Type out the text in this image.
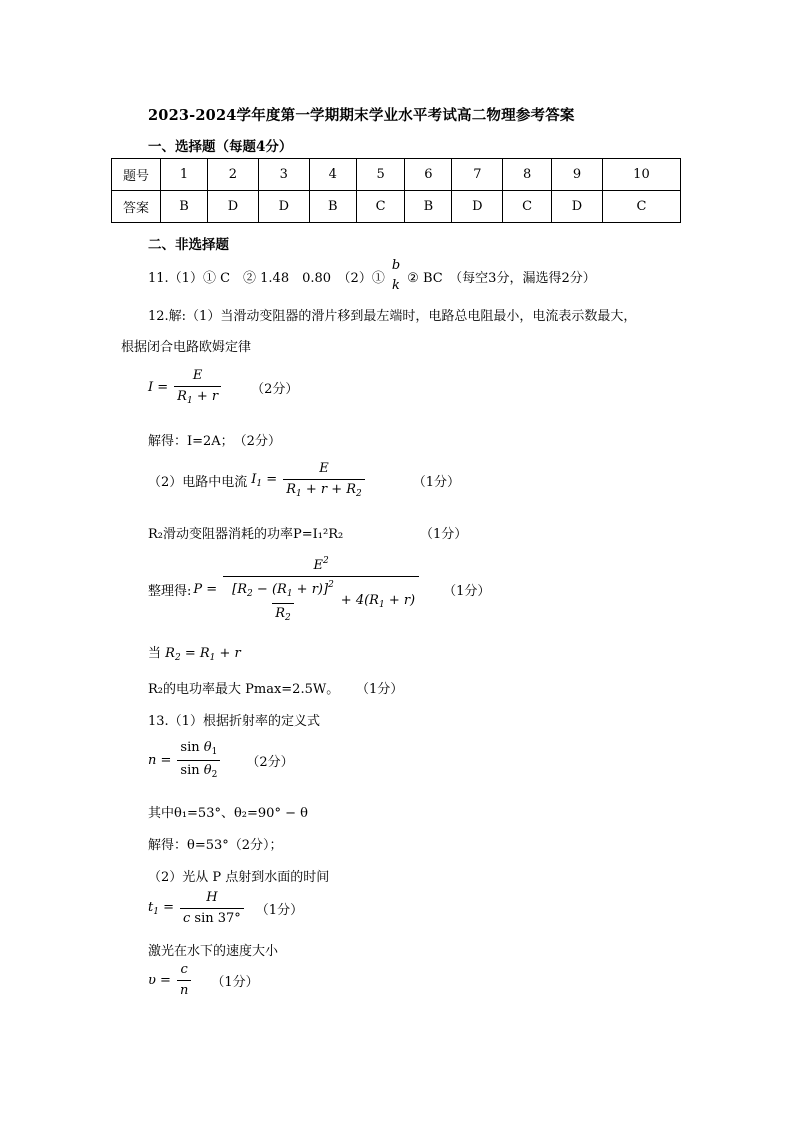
2023-2024学年度第一学期期末学业水平考试高二物理参考答案
一、选择题（每题4分）
题号	1	2	3	4	5	6	7	8	9	10
答案	B	D	D	B	C	B	D	C	D	C
二、非选择题
11.（1）① C　② 1.48　0.80　（2）①
b
k ② BC　（每空3分，漏选得2分）
12.解:（1）当滑动变阻器的滑片移到最左端时，电路总电阻最小，电流表示数最大，
根据闭合电路欧姆定律
$I = \frac{E}{R_1 + r} (2$分）
解得：I=2A；　（2分）
（2）电路中电流 $I_1 = \frac{E}{R_1 + r + R_2}$	（1分）
R₂滑动变阻器消耗的功率P=I₁²R₂	（1分）
整理得: $P = \frac{E^2}{\frac{[R_2 - (R_1 + r)]^2}{R_2} + 4(R_1 + r)} (1$分）
当 $R_2 = R_1 + r$
R₂的电功率最大 Pmax=2.5W。 （1分）
13.（1）根据折射率的定义式
$n = \frac{\sin \theta_1}{\sin \theta_2} (2$分）
其中θ₁=53°、θ₂=90° − θ
解得：θ=53°（2分）；
（2）光从 P 点射到水面的时间
$t_1 = \frac{H}{\text{c sin 37°}} (1$分）
激光在水下的速度大小
$\upsilon = \frac{c}{n} (1$分）
